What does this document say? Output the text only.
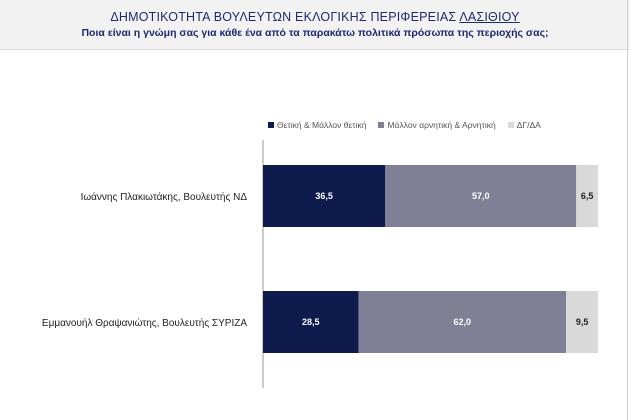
ΔΗΜΟΤΙΚΟΤΗΤΑ ΒΟΥΛΕΥΤΩΝ ΕΚΛΟΓΙΚΗΣ ΠΕΡΙΦΕΡΕΙΑΣ ΛΑΣΙΘΙΟΥ
Ποια είναι η γνώμη σας για κάθε ένα από τα παρακάτω πολιτικά πρόσωπα της περιοχής σας;
Θετική & Μάλλον θετική Μάλλον αρνητική & Αρνητική ΔΓ/ΔΑ
Ιωάννης Πλακιωτάκης, Βουλευτής ΝΔ	36,5	57,0	6,5
Εμμανουήλ Θραψανιώτης, Βουλευτής ΣΥΡΙΖΑ	28,5	62,0	9,5
